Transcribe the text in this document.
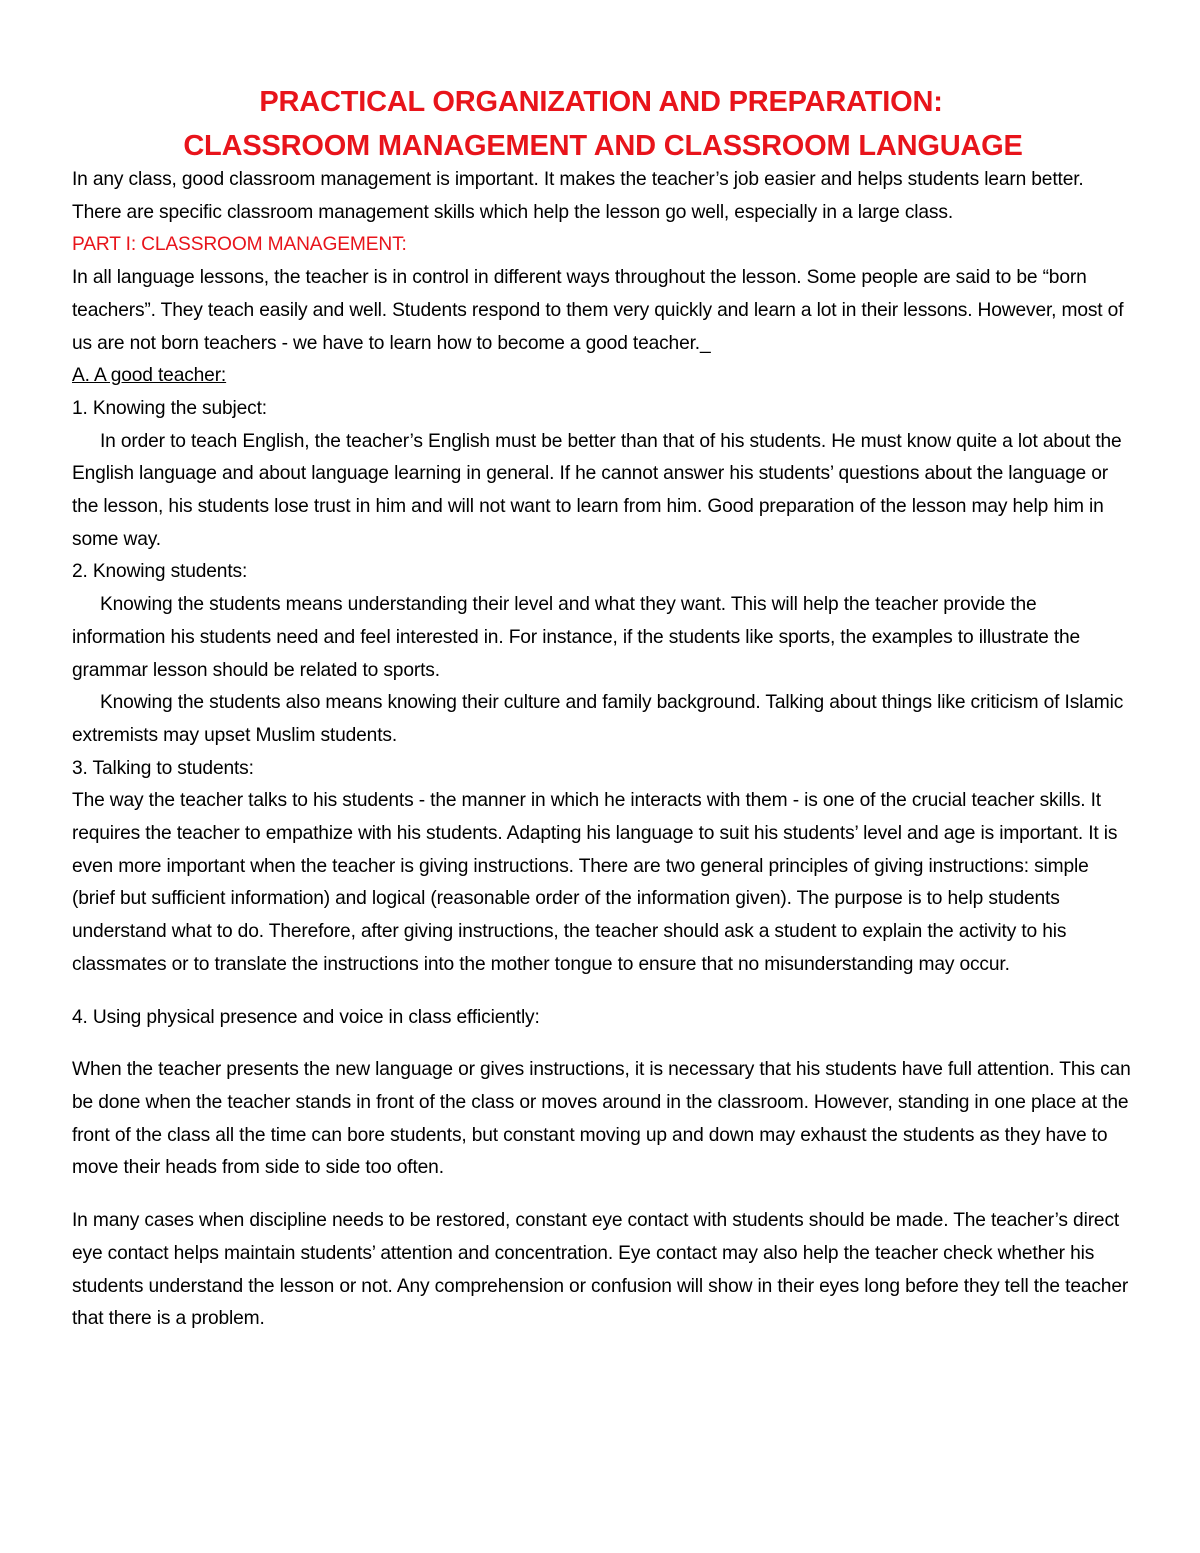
PRACTICAL ORGANIZATION AND PREPARATION:
CLASSROOM MANAGEMENT AND CLASSROOM LANGUAGE

In any class, good classroom management is important. It makes the teacher’s job easier and helps students learn better. There are specific classroom management skills which help the lesson go well, especially in a large class.

PART I: CLASSROOM MANAGEMENT:

In all language lessons, the teacher is in control in different ways throughout the lesson. Some people are said to be “born teachers”. They teach easily and well. Students respond to them very quickly and learn a lot in their lessons. However, most of us are not born teachers - we have to learn how to become a good teacher._

A. A good teacher:

1. Knowing the subject:

In order to teach English, the teacher’s English must be better than that of his students. He must know quite a lot about the English language and about language learning in general. If he cannot answer his students’ questions about the language or the lesson, his students lose trust in him and will not want to learn from him. Good preparation of the lesson may help him in some way.

2. Knowing students:

Knowing the students means understanding their level and what they want. This will help the teacher provide the information his students need and feel interested in. For instance, if the students like sports, the examples to illustrate the grammar lesson should be related to sports.

Knowing the students also means knowing their culture and family background. Talking about things like criticism of Islamic extremists may upset Muslim students.

3. Talking to students:

The way the teacher talks to his students - the manner in which he interacts with them - is one of the crucial teacher skills. It requires the teacher to empathize with his students. Adapting his language to suit his students’ level and age is important. It is even more important when the teacher is giving instructions. There are two general principles of giving instructions: simple (brief but sufficient information) and logical (reasonable order of the information given). The purpose is to help students understand what to do. Therefore, after giving instructions, the teacher should ask a student to explain the activity to his classmates or to translate the instructions into the mother tongue to ensure that no misunderstanding may occur.

4. Using physical presence and voice in class efficiently:

When the teacher presents the new language or gives instructions, it is necessary that his students have full attention. This can be done when the teacher stands in front of the class or moves around in the classroom. However, standing in one place at the front of the class all the time can bore students, but constant moving up and down may exhaust the students as they have to move their heads from side to side too often.

In many cases when discipline needs to be restored, constant eye contact with students should be made. The teacher’s direct eye contact helps maintain students’ attention and concentration. Eye contact may also help the teacher check whether his students understand the lesson or not. Any comprehension or confusion will show in their eyes long before they tell the teacher that there is a problem.
